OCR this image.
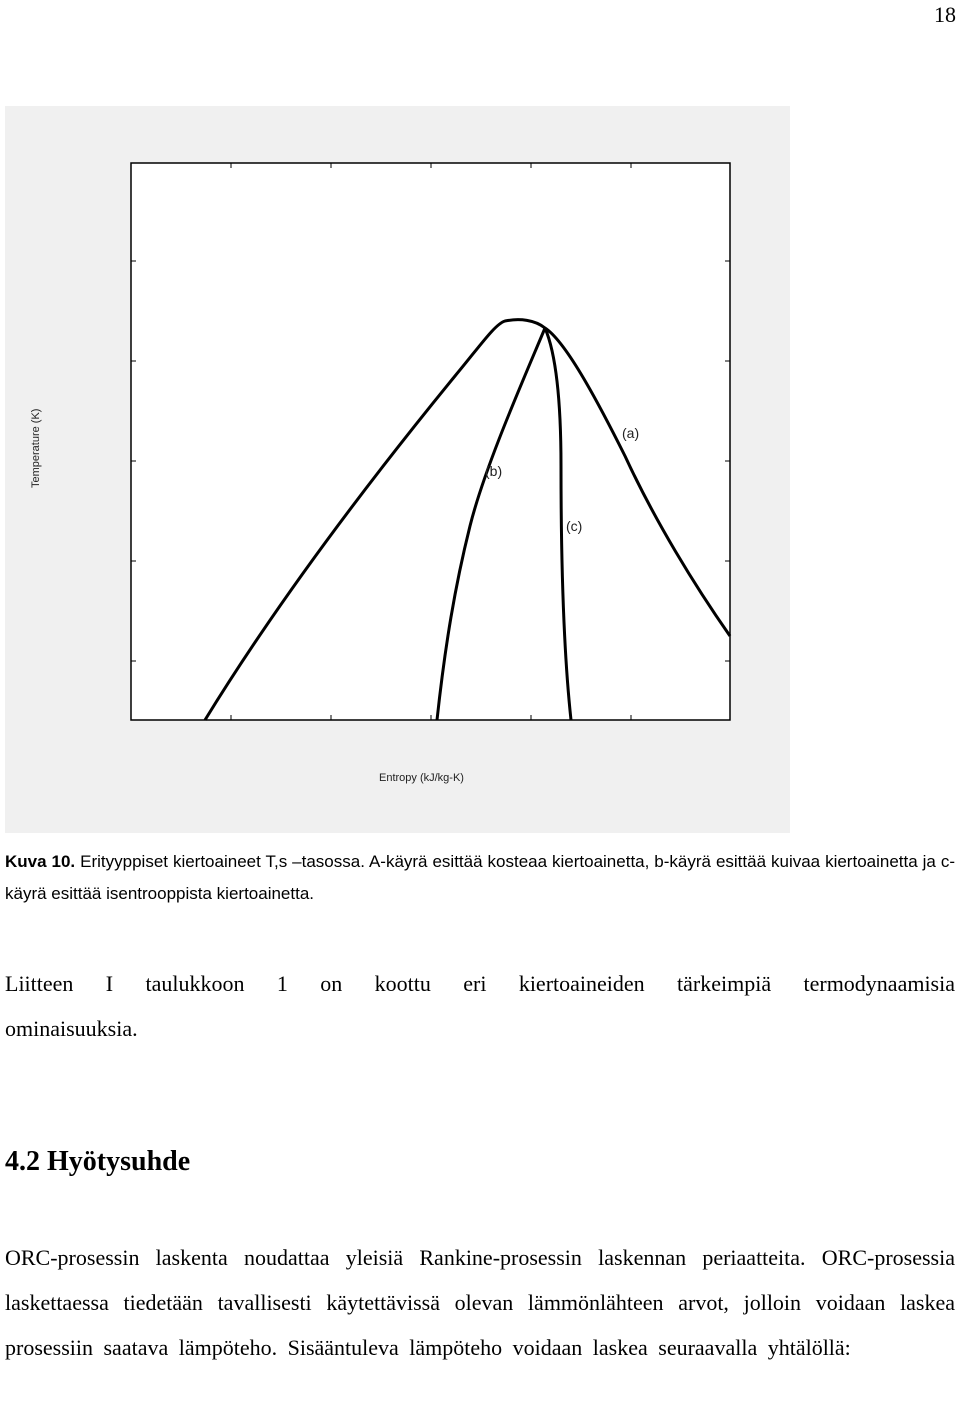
18
(a)
(b)
(c)
Temperature (K)
Entropy (kJ/kg-K)
Kuva 10. Erityyppiset kiertoaineet T,s –tasossa. A-käyrä esittää kosteaa kiertoainetta, b-käyrä esittää kuivaa kiertoainetta ja c-käyrä esittää isentrooppista kiertoainetta.
Liitteen I taulukkoon 1 on koottu eri kiertoaineiden tärkeimpiä termodynaamisia ominaisuuksia.
4.2 Hyötysuhde
ORC-prosessin laskenta noudattaa yleisiä Rankine-prosessin laskennan periaatteita. ORC-prosessia laskettaessa tiedetään tavallisesti käytettävissä olevan lämmönlähteen arvot, jolloin voidaan laskea prosessiin saatava lämpöteho. Sisääntuleva lämpöteho voidaan laskea seuraavalla yhtälöllä:
